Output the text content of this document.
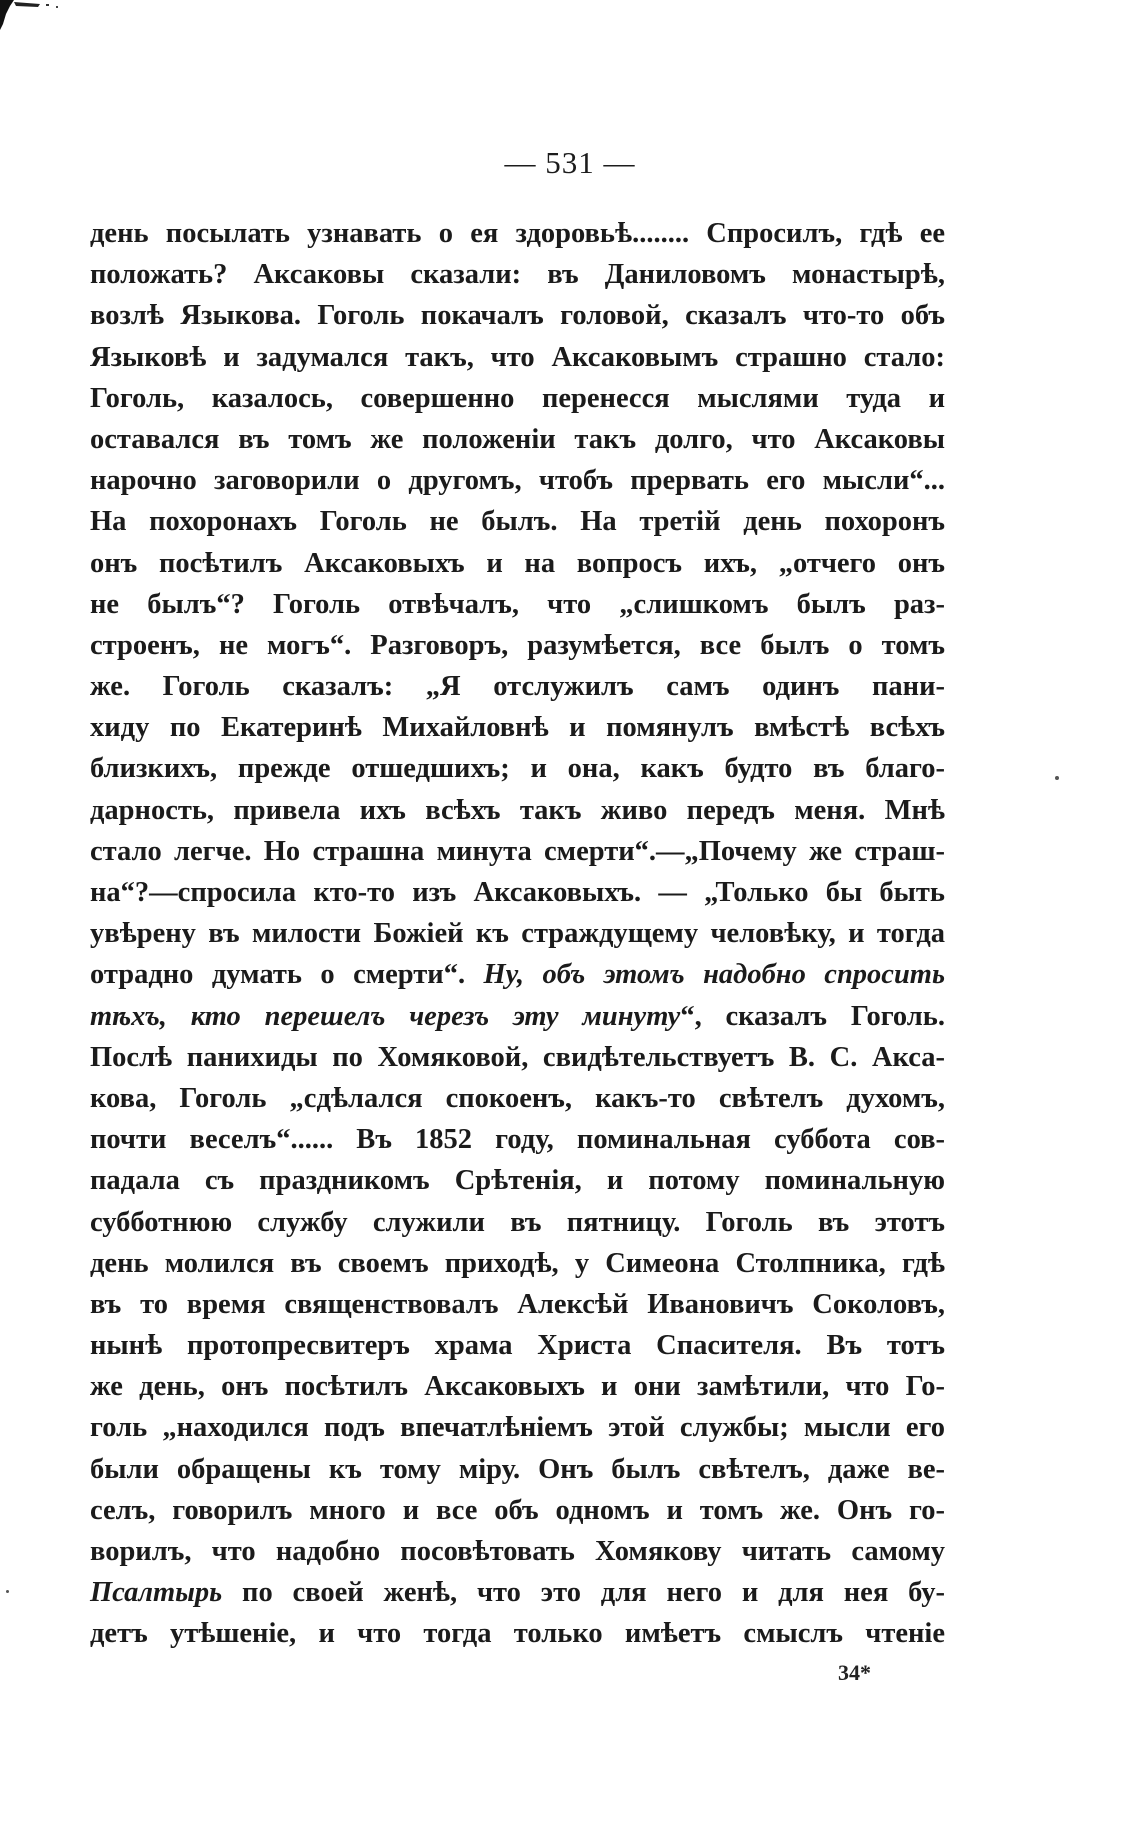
— 531 —
день посылать узнавать о ея здоровьѣ........ Спросилъ, гдѣ ее
положать? Аксаковы сказали: въ Даниловомъ монастырѣ,
возлѣ Языкова. Гоголь покачалъ головой, сказалъ что-то объ
Языковѣ и задумался такъ, что Аксаковымъ страшно стало:
Гоголь, казалось, совершенно перенесся мыслями туда и
оставался въ томъ же положеніи такъ долго, что Аксаковы
нарочно заговорили о другомъ, чтобъ прервать его мысли“...
На похоронахъ Гоголь не былъ. На третій день похоронъ
онъ посѣтилъ Аксаковыхъ и на вопросъ ихъ, „отчего онъ
не былъ“? Гоголь отвѣчалъ, что „слишкомъ былъ раз-
строенъ, не могъ“. Разговоръ, разумѣется, все былъ о томъ
же. Гоголь сказалъ: „Я отслужилъ самъ одинъ пани-
хиду по Екатеринѣ Михайловнѣ и помянулъ вмѣстѣ всѣхъ
близкихъ, прежде отшедшихъ; и она, какъ будто въ благо-
дарность, привела ихъ всѣхъ такъ живо передъ меня. Мнѣ
стало легче. Но страшна минута смерти“.—„Почему же страш-
на“?—спросила кто-то изъ Аксаковыхъ. — „Только бы быть
увѣрену въ милости Божіей къ страждущему человѣку, и тогда
отрадно думать о смерти“. Ну, объ этомъ надобно спросить
тѣхъ, кто перешелъ черезъ эту минуту“, сказалъ Гоголь.
Послѣ панихиды по Хомяковой, свидѣтельствуетъ В. С. Акса-
кова, Гоголь „сдѣлался спокоенъ, какъ-то свѣтелъ духомъ,
почти веселъ“...... Въ 1852 году, поминальная суббота сов-
падала съ праздникомъ Срѣтенія, и потому поминальную
субботнюю службу служили въ пятницу. Гоголь въ этотъ
день молился въ своемъ приходѣ, у Симеона Столпника, гдѣ
въ то время священствовалъ Алексѣй Ивановичъ Соколовъ,
нынѣ протопресвитеръ храма Христа Спасителя. Въ тотъ
же день, онъ посѣтилъ Аксаковыхъ и они замѣтили, что Го-
голь „находился подъ впечатлѣніемъ этой службы; мысли его
были обращены къ тому міру. Онъ былъ свѣтелъ, даже ве-
селъ, говорилъ много и все объ одномъ и томъ же. Онъ го-
ворилъ, что надобно посовѣтовать Хомякову читать самому
Псалтырь по своей женѣ, что это для него и для нея бу-
детъ утѣшеніе, и что тогда только имѣетъ смыслъ чтеніе
34*
